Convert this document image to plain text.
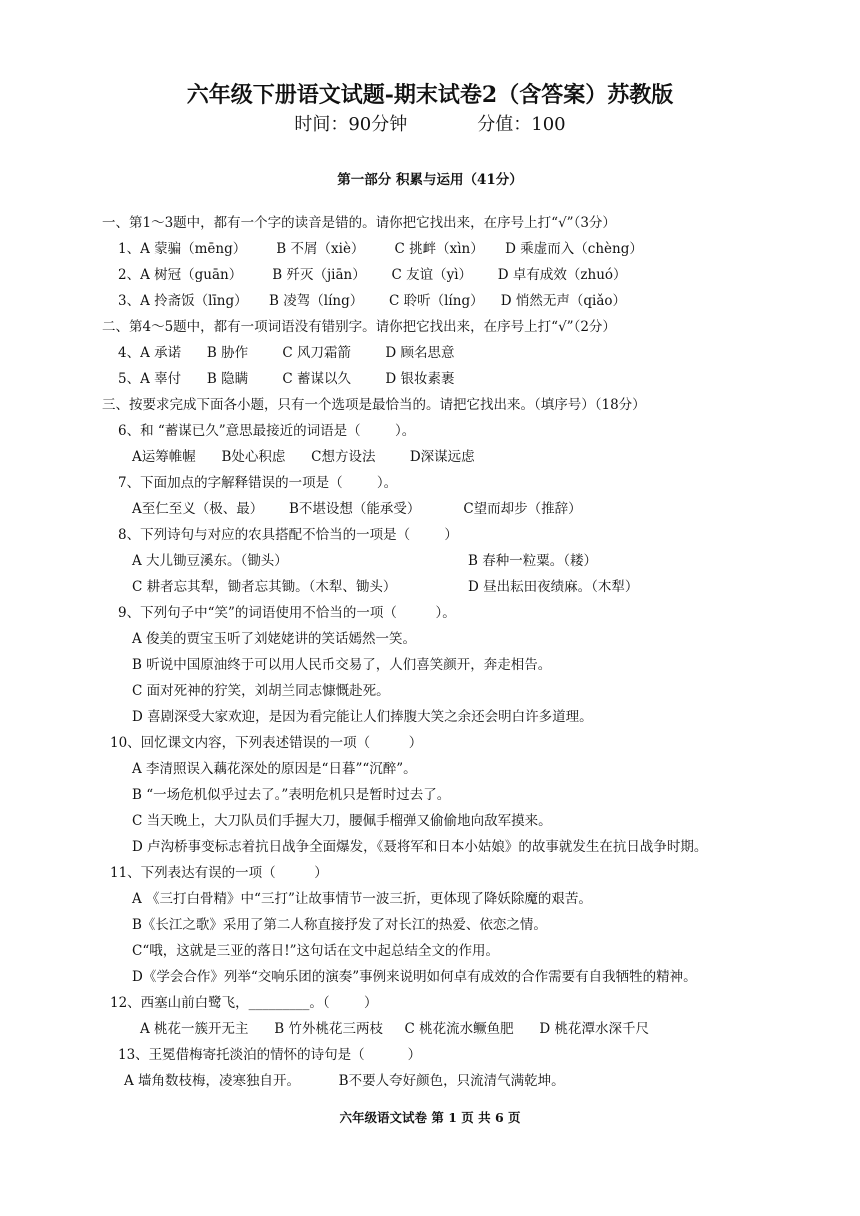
六年级下册语文试题-期末试卷2（含答案）苏教版
时间：90分钟	分值：100
第一部分 积累与运用（41分）
一、第1～3题中，都有一个字的读音是错的。请你把它找出来，在序号上打“√”（3分）
1、A 蒙骗（mēng）       B 不屑（xiè）       C 挑衅（xìn）     D 乘虚而入（chèng）
2、A 树冠（guān）       B 歼灭（jiān）      C 友谊（yì）      D 卓有成效（zhuó）
3、A 拎斋饭（līng）     B 凌驾（líng）      C 聆听（líng）    D 悄然无声（qiǎo）
二、第4～5题中，都有一项词语没有错别字。请你把它找出来，在序号上打“√”（2分）
4、A 承诺      B 胁作        C 风刀霜箭        D 顾名思意
5、A 辜付      B 隐瞒        C 蓄谋以久        D 银妆素裹
三、按要求完成下面各小题，只有一个选项是最恰当的。请把它找出来。（填序号）（18分）
6、和 “蓄谋已久”意思最接近的词语是（        ）。
A运筹帷幄      B处心积虑      C想方设法        D深谋远虑
7、下面加点的字解释错误的一项是（        ）。
A至仁至义（极、最）      B不堪设想（能承受）          C望而却步（推辞）
8、下列诗句与对应的农具搭配不恰当的一项是（        ）
A 大儿锄豆溪东。（锄头）	B 春种一粒粟。（耧）
C 耕者忘其犁，锄者忘其锄。（木犁、锄头）	D 昼出耘田夜绩麻。（木犁）
9、下列句子中“笑”的词语使用不恰当的一项（         ）。
A 俊美的贾宝玉听了刘姥姥讲的笑话嫣然一笑。
B 听说中国原油终于可以用人民币交易了，人们喜笑颜开，奔走相告。
C 面对死神的狞笑，刘胡兰同志慷慨赴死。
D 喜剧深受大家欢迎，是因为看完能让人们捧腹大笑之余还会明白许多道理。
10、回忆课文内容，下列表述错误的一项（         ）
A 李清照误入藕花深处的原因是“日暮”“沉醉”。
B “一场危机似乎过去了。”表明危机只是暂时过去了。
C 当天晚上，大刀队员们手握大刀，腰佩手榴弹又偷偷地向敌军摸来。
D 卢沟桥事变标志着抗日战争全面爆发，《聂将军和日本小姑娘》的故事就发生在抗日战争时期。
11、下列表达有误的一项（         ）
A 《三打白骨精》中“三打”让故事情节一波三折，更体现了降妖除魔的艰苦。
B《长江之歌》采用了第二人称直接抒发了对长江的热爱、依恋之情。
C“哦，这就是三亚的落日!”这句话在文中起总结全文的作用。
D《学会合作》列举“交响乐团的演奏”事例来说明如何卓有成效的合作需要有自我牺牲的精神。
12、西塞山前白鹭飞，_________。（        ）
A 桃花一簇开无主      B 竹外桃花三两枝     C 桃花流水鳜鱼肥      D 桃花潭水深千尺
13、王冕借梅寄托淡泊的情怀的诗句是（          ）
A 墙角数枝梅，凌寒独自开。         B不要人夸好颜色，只流清气满乾坤。
六年级语文试卷 第 1 页 共 6 页
